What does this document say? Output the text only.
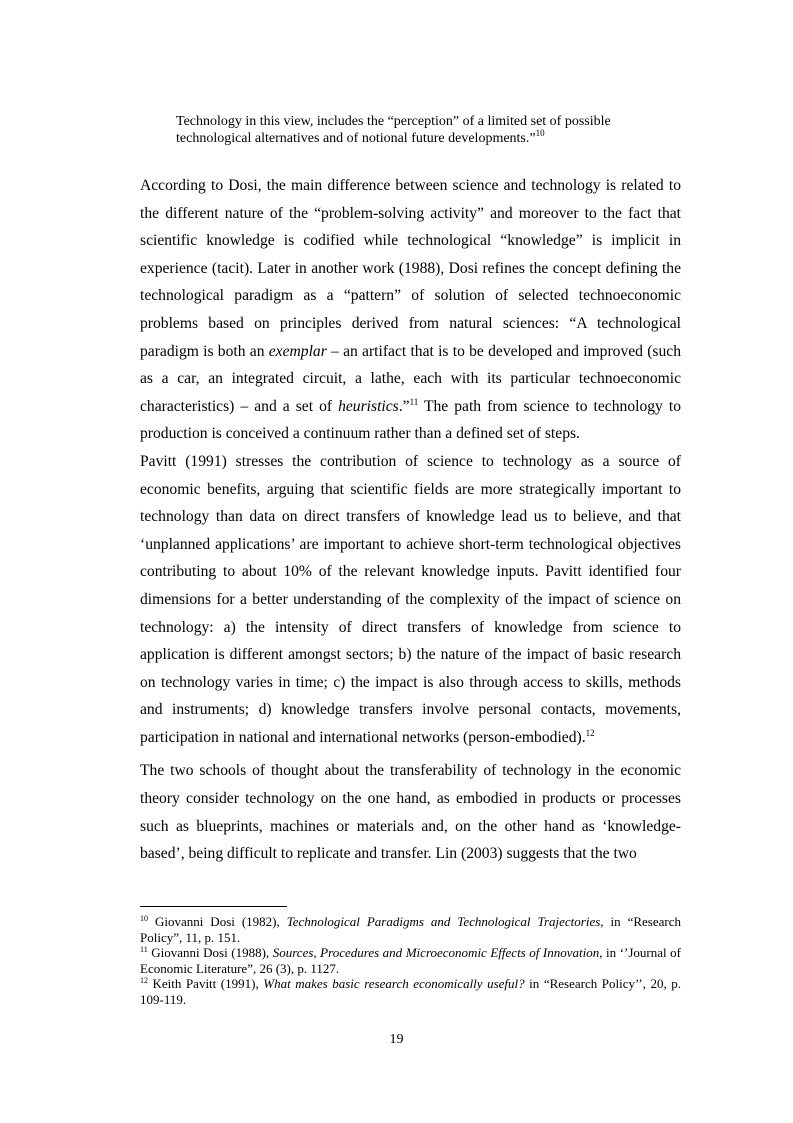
Technology in this view, includes the “perception” of a limited set of possible

technological alternatives and of notional future developments.”$^{10}$

According to Dosi, the main difference between science and technology is related to the different nature of the “problem-solving activity” and moreover to the fact that scientific knowledge is codified while technological “knowledge” is implicit in experience (tacit). Later in another work (1988), Dosi refines the concept defining the technological paradigm as a “pattern” of solution of selected technoeconomic problems based on principles derived from natural sciences: “A technological paradigm is both an exemplar – an artifact that is to be developed and improved (such as a car, an integrated circuit, a lathe, each with its particular technoeconomic characteristics) – and a set of heuristics.”$^{11}$ The path from science to technology to production is conceived a continuum rather than a defined set of steps.

Pavitt (1991) stresses the contribution of science to technology as a source of economic benefits, arguing that scientific fields are more strategically important to technology than data on direct transfers of knowledge lead us to believe, and that ‘unplanned applications’ are important to achieve short-term technological objectives contributing to about 10% of the relevant knowledge inputs. Pavitt identified four dimensions for a better understanding of the complexity of the impact of science on technology: a) the intensity of direct transfers of knowledge from science to application is different amongst sectors; b) the nature of the impact of basic research on technology varies in time; c) the impact is also through access to skills, methods and instruments; d) knowledge transfers involve personal contacts, movements, participation in national and international networks (person-embodied).$^{12}$

The two schools of thought about the transferability of technology in the economic theory consider technology on the one hand, as embodied in products or processes such as blueprints, machines or materials and, on the other hand as ‘knowledge-based’, being difficult to replicate and transfer. Lin (2003) suggests that the two

$^{10}$ Giovanni Dosi (1982), Technological Paradigms and Technological Trajectories, in “Research Policy”, 11, p. 151.

$^{11}$ Giovanni Dosi (1988), Sources, Procedures and Microeconomic Effects of Innovation, in ‘’Journal of Economic Literature”, 26 (3), p. 1127.

$^{12}$ Keith Pavitt (1991), What makes basic research economically useful? in “Research Policy’’, 20, p. 109-119.

19
